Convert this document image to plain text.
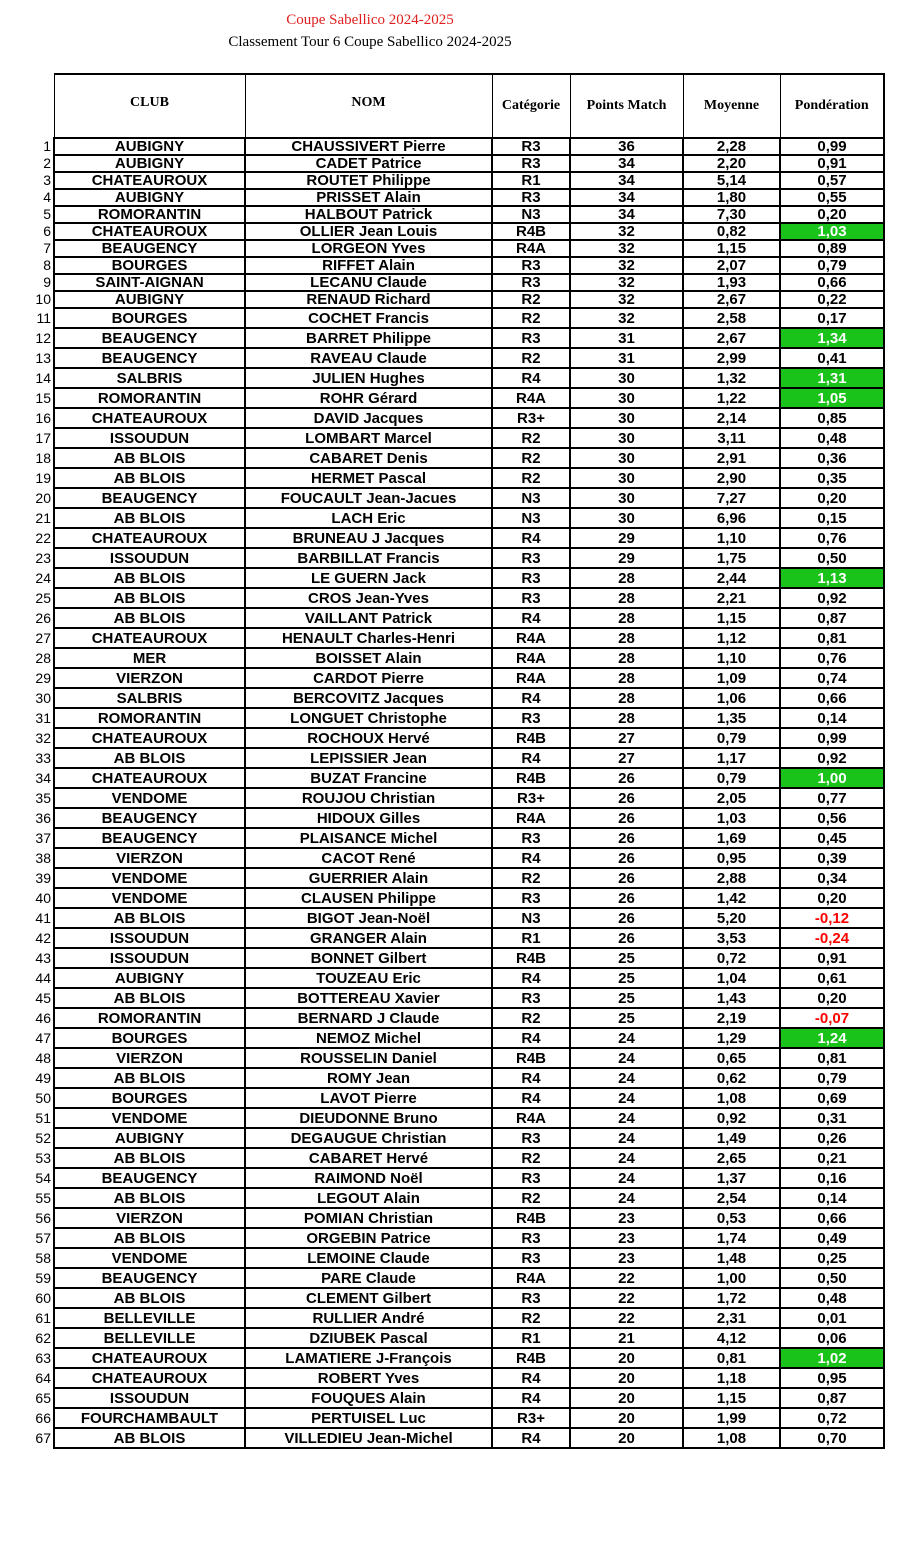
Coupe Sabellico 2024-2025
Classement Tour 6 Coupe Sabellico 2024-2025
	CLUB	NOM	Catégorie	Points Match	Moyenne	Pondération
1	AUBIGNY	CHAUSSIVERT Pierre	R3	36	2,28	0,99
2	AUBIGNY	CADET Patrice	R3	34	2,20	0,91
3	CHATEAUROUX	ROUTET Philippe	R1	34	5,14	0,57
4	AUBIGNY	PRISSET Alain	R3	34	1,80	0,55
5	ROMORANTIN	HALBOUT Patrick	N3	34	7,30	0,20
6	CHATEAUROUX	OLLIER Jean Louis	R4B	32	0,82	1,03
7	BEAUGENCY	LORGEON Yves	R4A	32	1,15	0,89
8	BOURGES	RIFFET Alain	R3	32	2,07	0,79
9	SAINT-AIGNAN	LECANU Claude	R3	32	1,93	0,66
10	AUBIGNY	RENAUD Richard	R2	32	2,67	0,22
11	BOURGES	COCHET Francis	R2	32	2,58	0,17
12	BEAUGENCY	BARRET Philippe	R3	31	2,67	1,34
13	BEAUGENCY	RAVEAU Claude	R2	31	2,99	0,41
14	SALBRIS	JULIEN Hughes	R4	30	1,32	1,31
15	ROMORANTIN	ROHR Gérard	R4A	30	1,22	1,05
16	CHATEAUROUX	DAVID Jacques	R3+	30	2,14	0,85
17	ISSOUDUN	LOMBART Marcel	R2	30	3,11	0,48
18	AB BLOIS	CABARET Denis	R2	30	2,91	0,36
19	AB BLOIS	HERMET Pascal	R2	30	2,90	0,35
20	BEAUGENCY	FOUCAULT Jean-Jacues	N3	30	7,27	0,20
21	AB BLOIS	LACH Eric	N3	30	6,96	0,15
22	CHATEAUROUX	BRUNEAU J Jacques	R4	29	1,10	0,76
23	ISSOUDUN	BARBILLAT Francis	R3	29	1,75	0,50
24	AB BLOIS	LE GUERN Jack	R3	28	2,44	1,13
25	AB BLOIS	CROS Jean-Yves	R3	28	2,21	0,92
26	AB BLOIS	VAILLANT Patrick	R4	28	1,15	0,87
27	CHATEAUROUX	HENAULT Charles-Henri	R4A	28	1,12	0,81
28	MER	BOISSET Alain	R4A	28	1,10	0,76
29	VIERZON	CARDOT Pierre	R4A	28	1,09	0,74
30	SALBRIS	BERCOVITZ Jacques	R4	28	1,06	0,66
31	ROMORANTIN	LONGUET Christophe	R3	28	1,35	0,14
32	CHATEAUROUX	ROCHOUX Hervé	R4B	27	0,79	0,99
33	AB BLOIS	LEPISSIER Jean	R4	27	1,17	0,92
34	CHATEAUROUX	BUZAT Francine	R4B	26	0,79	1,00
35	VENDOME	ROUJOU Christian	R3+	26	2,05	0,77
36	BEAUGENCY	HIDOUX Gilles	R4A	26	1,03	0,56
37	BEAUGENCY	PLAISANCE Michel	R3	26	1,69	0,45
38	VIERZON	CACOT René	R4	26	0,95	0,39
39	VENDOME	GUERRIER Alain	R2	26	2,88	0,34
40	VENDOME	CLAUSEN Philippe	R3	26	1,42	0,20
41	AB BLOIS	BIGOT Jean-Noël	N3	26	5,20	-0,12
42	ISSOUDUN	GRANGER Alain	R1	26	3,53	-0,24
43	ISSOUDUN	BONNET Gilbert	R4B	25	0,72	0,91
44	AUBIGNY	TOUZEAU Eric	R4	25	1,04	0,61
45	AB BLOIS	BOTTEREAU Xavier	R3	25	1,43	0,20
46	ROMORANTIN	BERNARD J Claude	R2	25	2,19	-0,07
47	BOURGES	NEMOZ Michel	R4	24	1,29	1,24
48	VIERZON	ROUSSELIN Daniel	R4B	24	0,65	0,81
49	AB BLOIS	ROMY Jean	R4	24	0,62	0,79
50	BOURGES	LAVOT Pierre	R4	24	1,08	0,69
51	VENDOME	DIEUDONNE Bruno	R4A	24	0,92	0,31
52	AUBIGNY	DEGAUGUE Christian	R3	24	1,49	0,26
53	AB BLOIS	CABARET Hervé	R2	24	2,65	0,21
54	BEAUGENCY	RAIMOND Noël	R3	24	1,37	0,16
55	AB BLOIS	LEGOUT Alain	R2	24	2,54	0,14
56	VIERZON	POMIAN Christian	R4B	23	0,53	0,66
57	AB BLOIS	ORGEBIN Patrice	R3	23	1,74	0,49
58	VENDOME	LEMOINE Claude	R3	23	1,48	0,25
59	BEAUGENCY	PARE Claude	R4A	22	1,00	0,50
60	AB BLOIS	CLEMENT Gilbert	R3	22	1,72	0,48
61	BELLEVILLE	RULLIER André	R2	22	2,31	0,01
62	BELLEVILLE	DZIUBEK Pascal	R1	21	4,12	0,06
63	CHATEAUROUX	LAMATIERE J-François	R4B	20	0,81	1,02
64	CHATEAUROUX	ROBERT Yves	R4	20	1,18	0,95
65	ISSOUDUN	FOUQUES Alain	R4	20	1,15	0,87
66	FOURCHAMBAULT	PERTUISEL Luc	R3+	20	1,99	0,72
67	AB BLOIS	VILLEDIEU Jean-Michel	R4	20	1,08	0,70
